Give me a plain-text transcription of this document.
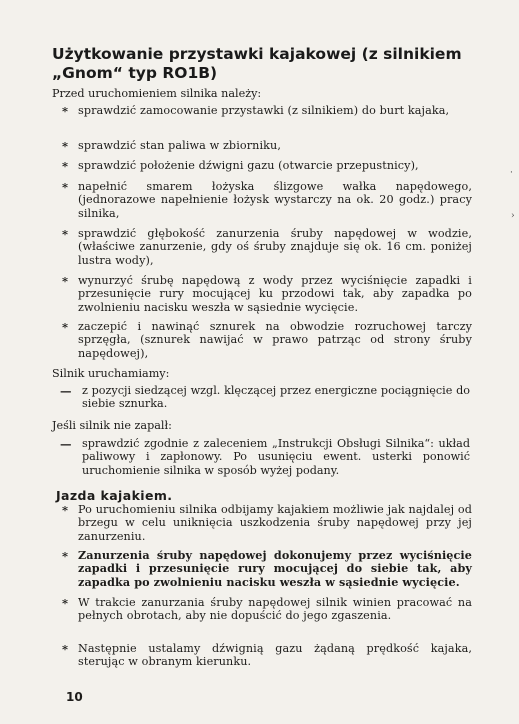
Użytkowanie przystawki kajakowej (z silnikiem „Gnom“ typ RO1B)
Przed uruchomieniem silnika należy:
* sprawdzić zamocowanie przystawki (z silnikiem) do burt kajaka,
* sprawdzić stan paliwa w zbiorniku,
* sprawdzić położenie dźwigni gazu (otwarcie przepustnicy),
* napełnić smarem łożyska ślizgowe wałka napędowego, (jednorazowe napełnienie łożysk wystarczy na ok. 20 godz.) pracy silnika,
* sprawdzić głębokość zanurzenia śruby napędowej w wodzie, (właściwe zanurzenie, gdy oś śruby znajduje się ok. 16 cm. poniżej lustra wody),
* wynurzyć śrubę napędową z wody przez wyciśnięcie zapadki i przesunięcie rury mocującej ku przodowi tak, aby zapadka po zwolnieniu nacisku weszła w sąsiednie wycięcie.
* zaczepić i nawinąć sznurek na obwodzie rozruchowej tarczy sprzęgła, (sznurek nawijać w prawo patrząc od strony śruby napędowej),
Silnik uruchamiamy:
— z pozycji siedzącej wzgl. klęczącej przez energiczne pociągnięcie do siebie sznurka.
Jeśli silnik nie zapalł:
— sprawdzić zgodnie z zaleceniem „Instrukcji Obsługi Silnika“: układ paliwowy i zapłonowy. Po usunięciu ewent. usterki ponowić uruchomienie silnika w sposób wyżej podany.
Jazda kajakiem.
* Po uruchomieniu silnika odbijamy kajakiem możliwie jak najdalej od brzegu w celu uniknięcia uszkodzenia śruby napędowej przy jej zanurzeniu.
* Zanurzenia śruby napędowej dokonujemy przez wyciśnięcie zapadki i przesunięcie rury mocującej do siebie tak, aby zapadka po zwolnieniu nacisku weszła w sąsiednie wycięcie.
* W trakcie zanurzania śruby napędowej silnik winien pracować na pełnych obrotach, aby nie dopuścić do jego zgaszenia.
* Następnie ustalamy dźwignią gazu żądaną prędkość kajaka, sterując w obranym kierunku.
10
·
›
